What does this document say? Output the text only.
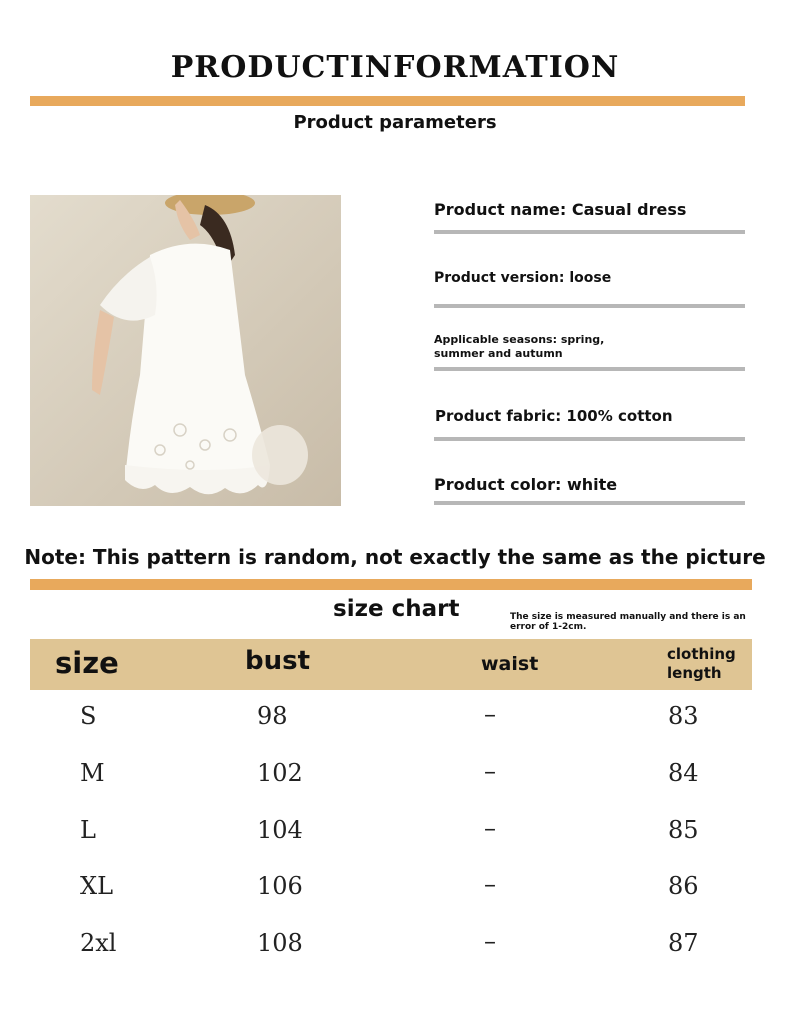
PRODUCTINFORMATION
Product parameters
Product name: Casual dress
Product version: loose
Applicable seasons: spring, summer and autumn
Product fabric: 100% cotton
Product color: white
Note: This pattern is random, not exactly the same as the picture
size chart	The size is measured manually and there is an error of 1-2cm.
size	bust	waist	clothing length
S	98	–	83
M	102	–	84
L	104	–	85
XL	106	–	86
2xl	108	–	87
